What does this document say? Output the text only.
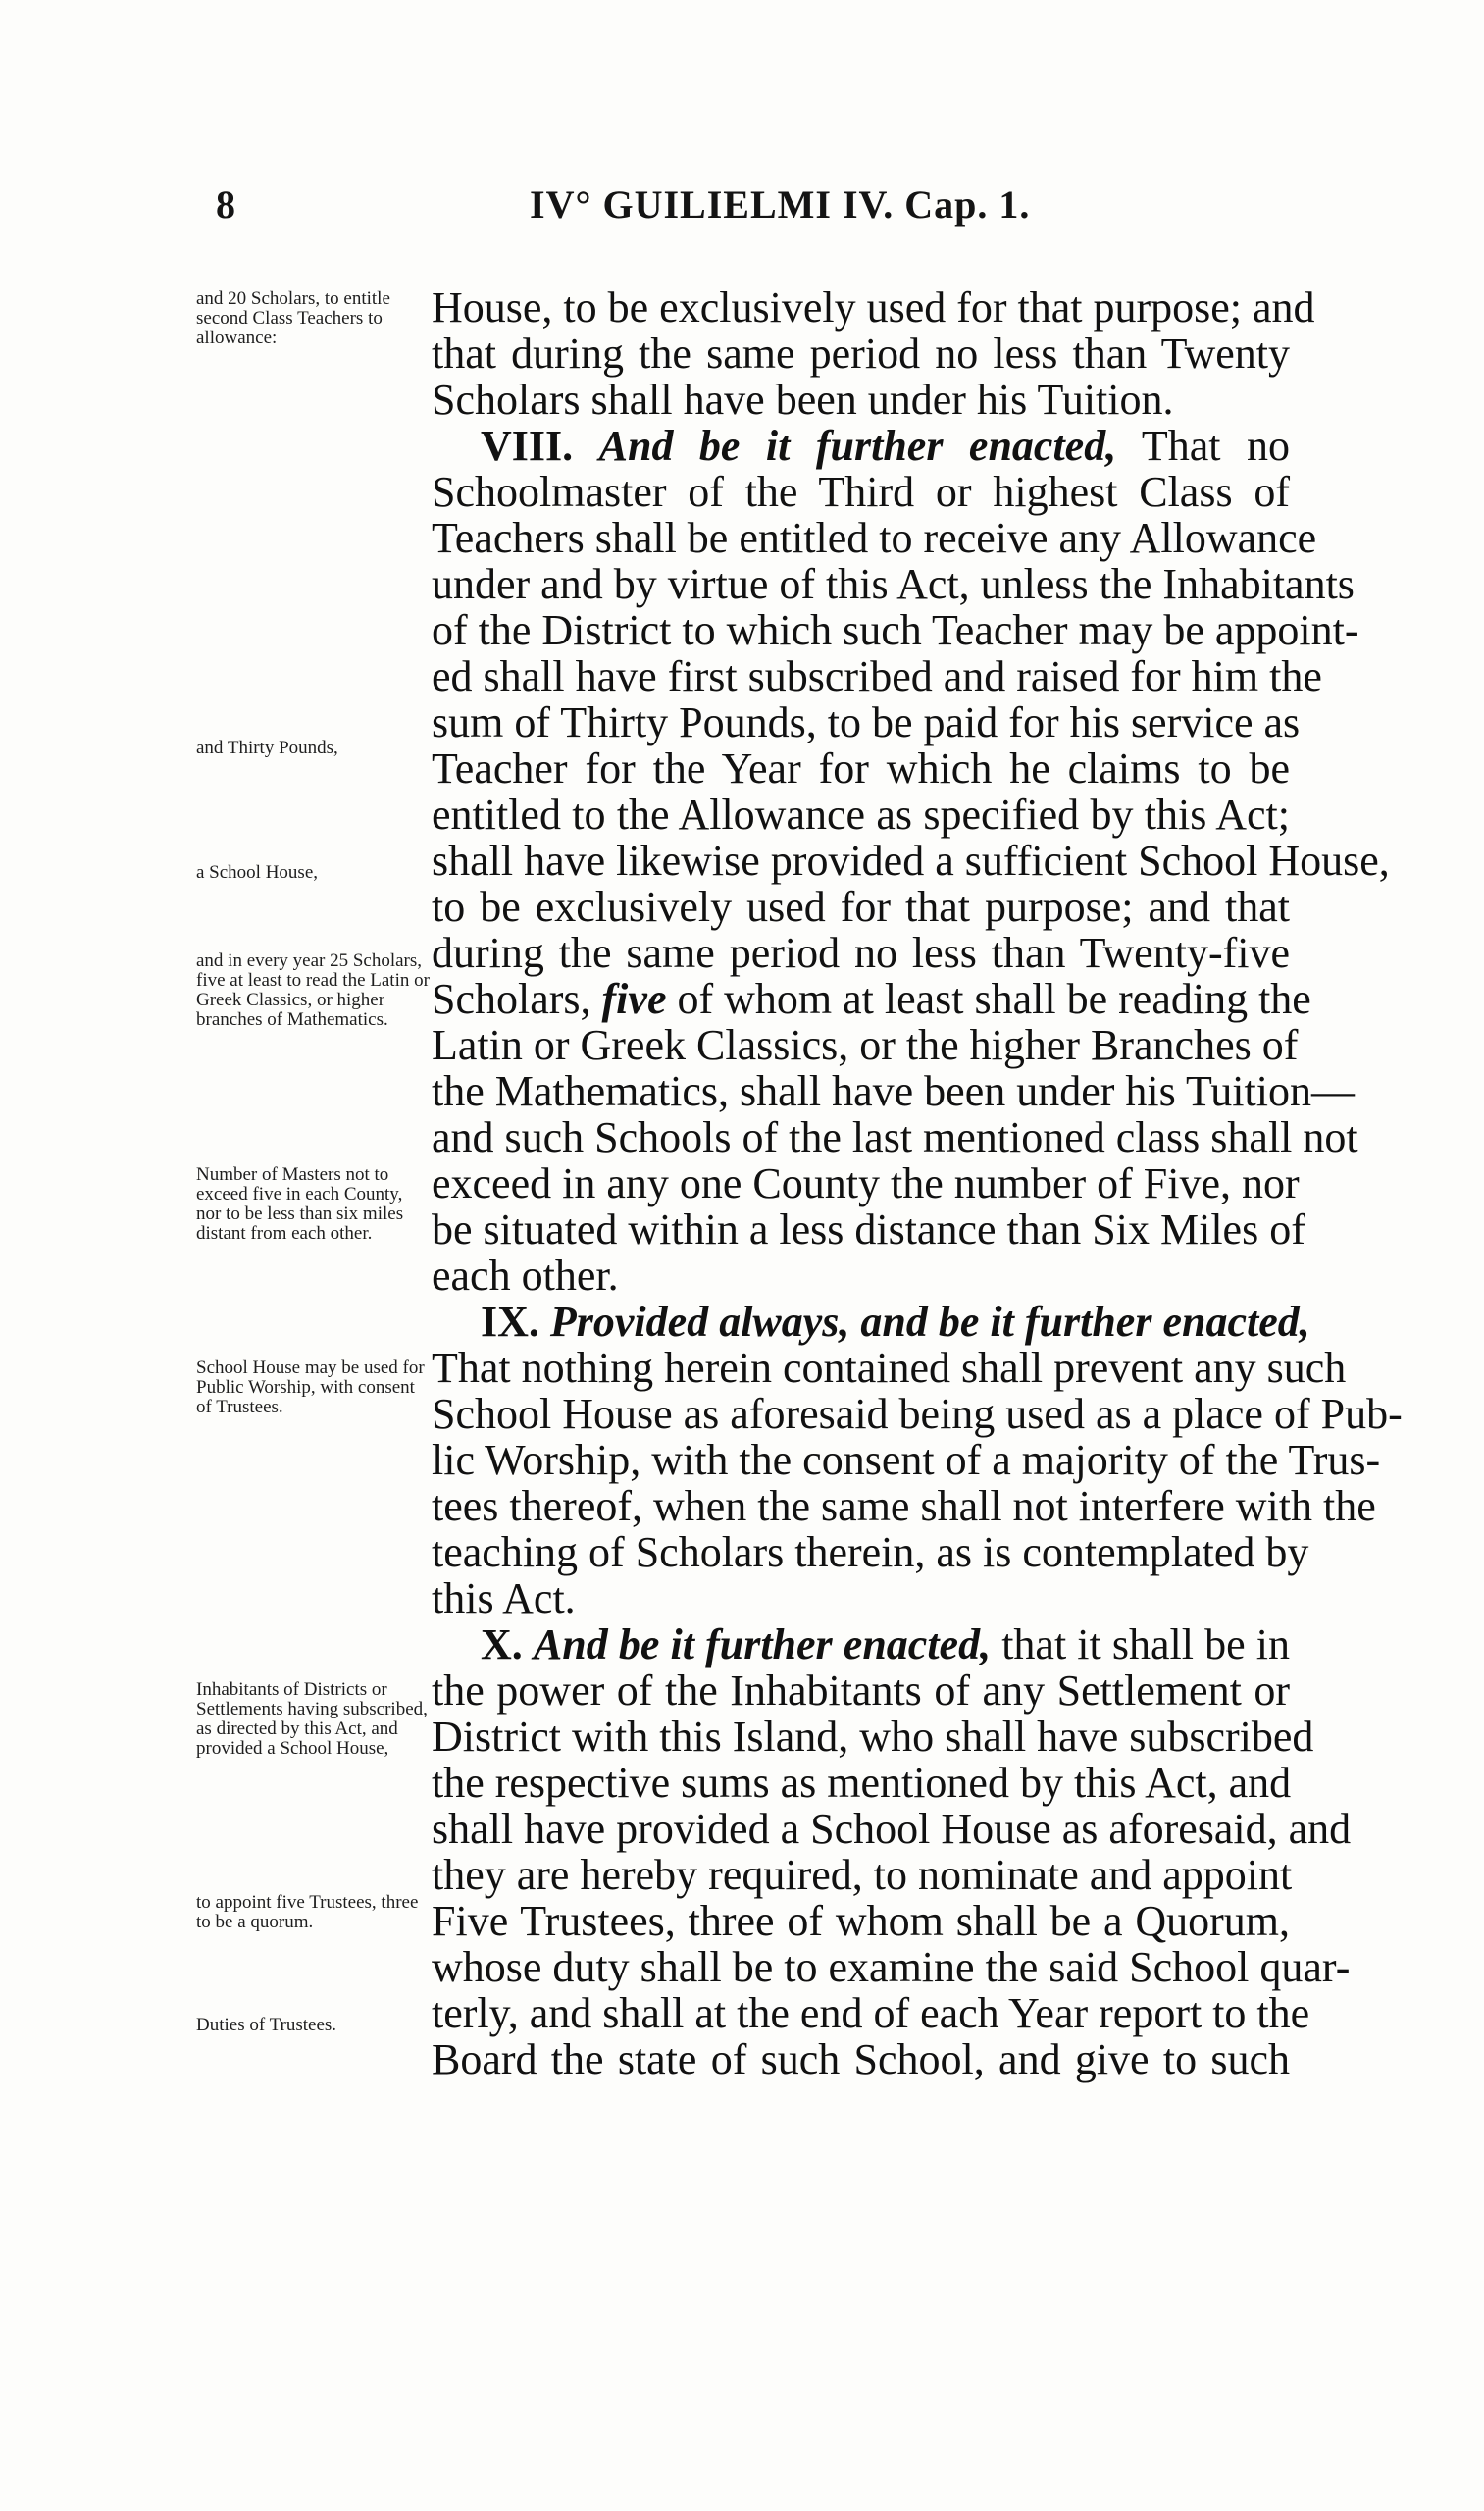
8	IV° GUILIELMI IV. Cap. 1.
and 20 Scholars, to entitle second Class Teachers to allowance:
and Thirty Pounds,
a School House,
and in every year 25 Scholars, five at least to read the Latin or Greek Classics, or higher branches of Mathematics.
Number of Masters not to exceed five in each County, nor to be less than six miles distant from each other.
School House may be used for Public Worship, with consent of Trustees.
Inhabitants of Districts or Settlements having subscribed, as directed by this Act, and provided a School House,
to appoint five Trustees, three to be a quorum.
Duties of Trustees.
House, to be exclusively used for that purpose; and
that during the same period no less than Twenty
Scholars shall have been under his Tuition.
VIII. And be it further enacted, That no
Schoolmaster of the Third or highest Class of
Teachers shall be entitled to receive any Allowance
under and by virtue of this Act, unless the Inhabitants
of the District to which such Teacher may be appoint-
ed shall have first subscribed and raised for him the
sum of Thirty Pounds, to be paid for his service as
Teacher for the Year for which he claims to be
entitled to the Allowance as specified by this Act;
shall have likewise provided a sufficient School House,
to be exclusively used for that purpose; and that
during the same period no less than Twenty-five
Scholars, five of whom at least shall be reading the
Latin or Greek Classics, or the higher Branches of
the Mathematics, shall have been under his Tuition—
and such Schools of the last mentioned class shall not
exceed in any one County the number of Five, nor
be situated within a less distance than Six Miles of
each other.
IX. Provided always, and be it further enacted,
That nothing herein contained shall prevent any such
School House as aforesaid being used as a place of Pub-
lic Worship, with the consent of a majority of the Trus-
tees thereof, when the same shall not interfere with the
teaching of Scholars therein, as is contemplated by
this Act.
X. And be it further enacted, that it shall be in
the power of the Inhabitants of any Settlement or
District with this Island, who shall have subscribed
the respective sums as mentioned by this Act, and
shall have provided a School House as aforesaid, and
they are hereby required, to nominate and appoint
Five Trustees, three of whom shall be a Quorum,
whose duty shall be to examine the said School quar-
terly, and shall at the end of each Year report to the
Board the state of such School, and give to such
